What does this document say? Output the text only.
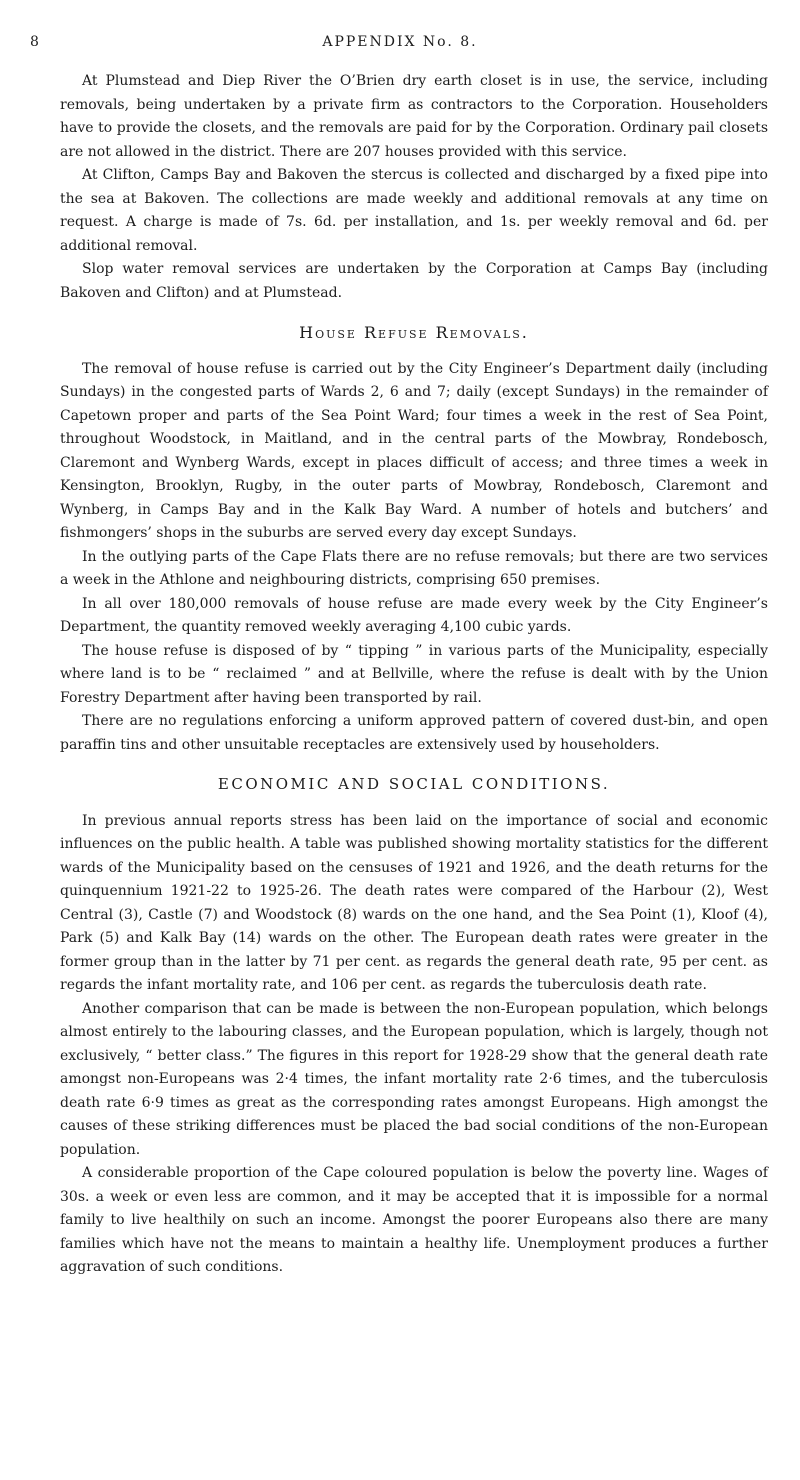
8	APPENDIX No. 8.

At Plumstead and Diep River the O’Brien dry earth closet is in use, the service, including removals, being undertaken by a private firm as contractors to the Corporation. Householders have to provide the closets, and the removals are paid for by the Corporation. Ordinary pail closets are not allowed in the district. There are 207 houses provided with this service.

At Clifton, Camps Bay and Bakoven the stercus is collected and discharged by a fixed pipe into the sea at Bakoven. The collections are made weekly and additional removals at any time on request. A charge is made of 7s. 6d. per installation, and 1s. per weekly removal and 6d. per additional removal.

Slop water removal services are undertaken by the Corporation at Camps Bay (including Bakoven and Clifton) and at Plumstead.

House Refuse Removals.

The removal of house refuse is carried out by the City Engineer’s Department daily (including Sundays) in the congested parts of Wards 2, 6 and 7; daily (except Sundays) in the remainder of Capetown proper and parts of the Sea Point Ward; four times a week in the rest of Sea Point, throughout Woodstock, in Maitland, and in the central parts of the Mowbray, Rondebosch, Claremont and Wynberg Wards, except in places difficult of access; and three times a week in Kensington, Brooklyn, Rugby, in the outer parts of Mowbray, Rondebosch, Claremont and Wynberg, in Camps Bay and in the Kalk Bay Ward. A number of hotels and butchers’ and fishmongers’ shops in the suburbs are served every day except Sundays.

In the outlying parts of the Cape Flats there are no refuse removals; but there are two services a week in the Athlone and neighbouring districts, comprising 650 premises.

In all over 180,000 removals of house refuse are made every week by the City Engineer’s Department, the quantity removed weekly averaging 4,100 cubic yards.

The house refuse is disposed of by “ tipping ” in various parts of the Municipality, especially where land is to be “ reclaimed ” and at Bellville, where the refuse is dealt with by the Union Forestry Department after having been transported by rail.

There are no regulations enforcing a uniform approved pattern of covered dust-bin, and open paraffin tins and other unsuitable receptacles are extensively used by householders.

ECONOMIC AND SOCIAL CONDITIONS.

In previous annual reports stress has been laid on the importance of social and economic influences on the public health. A table was published showing mortality statistics for the different wards of the Municipality based on the censuses of 1921 and 1926, and the death returns for the quinquennium 1921-22 to 1925-26. The death rates were compared of the Harbour (2), West Central (3), Castle (7) and Woodstock (8) wards on the one hand, and the Sea Point (1), Kloof (4), Park (5) and Kalk Bay (14) wards on the other. The European death rates were greater in the former group than in the latter by 71 per cent. as regards the general death rate, 95 per cent. as regards the infant mortality rate, and 106 per cent. as regards the tuberculosis death rate.

Another comparison that can be made is between the non-European population, which belongs almost entirely to the labouring classes, and the European population, which is largely, though not exclusively, “ better class.” The figures in this report for 1928-29 show that the general death rate amongst non-Europeans was 2·4 times, the infant mortality rate 2·6 times, and the tuberculosis death rate 6·9 times as great as the corresponding rates amongst Europeans. High amongst the causes of these striking differences must be placed the bad social conditions of the non-European population.

A considerable proportion of the Cape coloured population is below the poverty line. Wages of 30s. a week or even less are common, and it may be accepted that it is impossible for a normal family to live healthily on such an income. Amongst the poorer Europeans also there are many families which have not the means to maintain a healthy life. Unemployment produces a further aggravation of such conditions.
